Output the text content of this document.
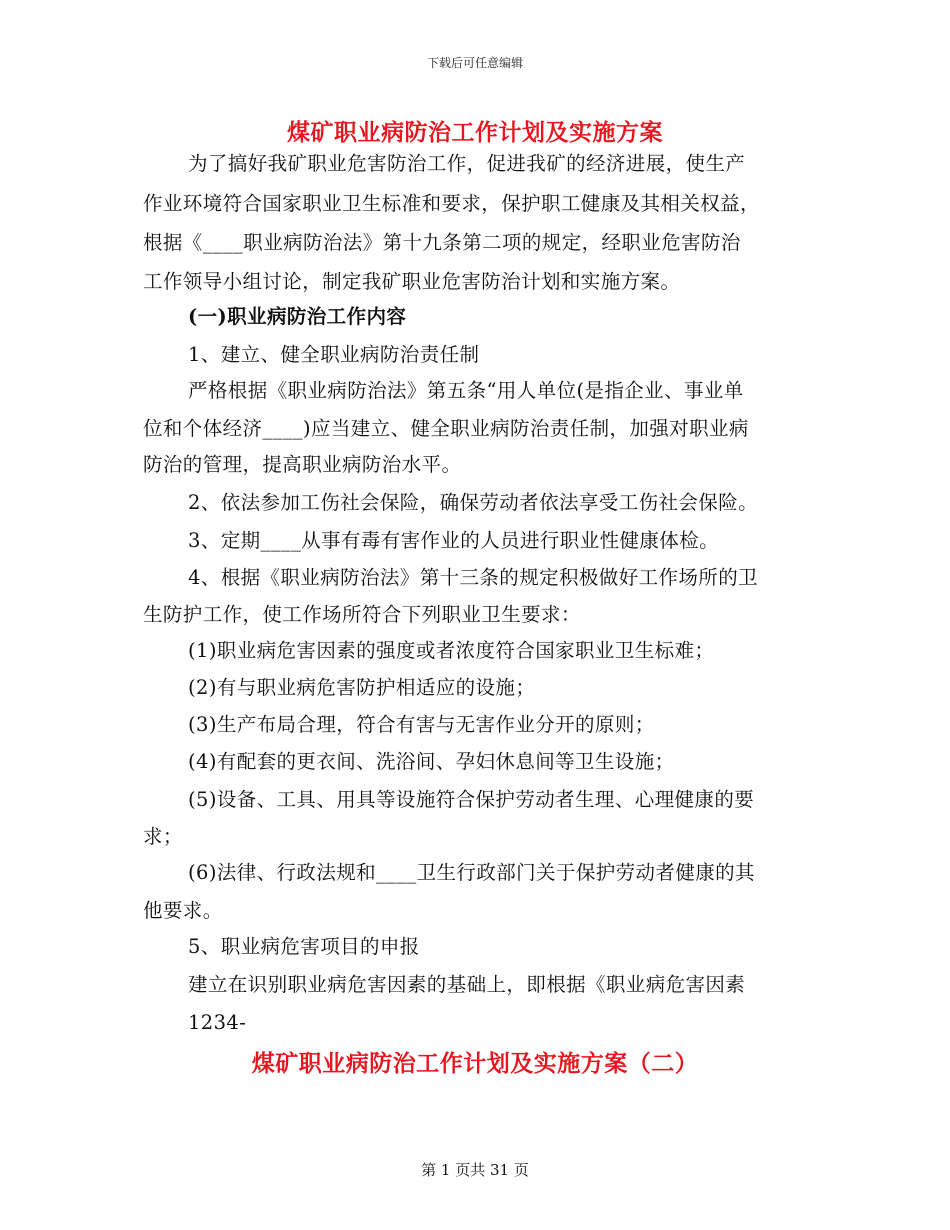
下载后可任意编辑
煤矿职业病防治工作计划及实施方案
为了搞好我矿职业危害防治工作，促进我矿的经济进展，使生产
作业环境符合国家职业卫生标准和要求，保护职工健康及其相关权益，
根据《____职业病防治法》第十九条第二项的规定，经职业危害防治
工作领导小组讨论，制定我矿职业危害防治计划和实施方案。
(一)职业病防治工作内容
1、建立、健全职业病防治责任制
严格根据《职业病防治法》第五条“用人单位(是指企业、事业单
位和个体经济____)应当建立、健全职业病防治责任制，加强对职业病
防治的管理，提高职业病防治水平。
2、依法参加工伤社会保险，确保劳动者依法享受工伤社会保险。
3、定期____从事有毒有害作业的人员进行职业性健康体检。
4、根据《职业病防治法》第十三条的规定积极做好工作场所的卫
生防护工作，使工作场所符合下列职业卫生要求：
(1)职业病危害因素的强度或者浓度符合国家职业卫生标难；
(2)有与职业病危害防护相适应的设施；
(3)生产布局合理，符合有害与无害作业分开的原则；
(4)有配套的更衣间、洗浴间、孕妇休息间等卫生设施；
(5)设备、工具、用具等设施符合保护劳动者生理、心理健康的要
求；
(6)法律、行政法规和____卫生行政部门关于保护劳动者健康的其
他要求。
5、职业病危害项目的申报
建立在识别职业病危害因素的基础上，即根据《职业病危害因素
1234-
煤矿职业病防治工作计划及实施方案（二）
第 1 页共 31 页
